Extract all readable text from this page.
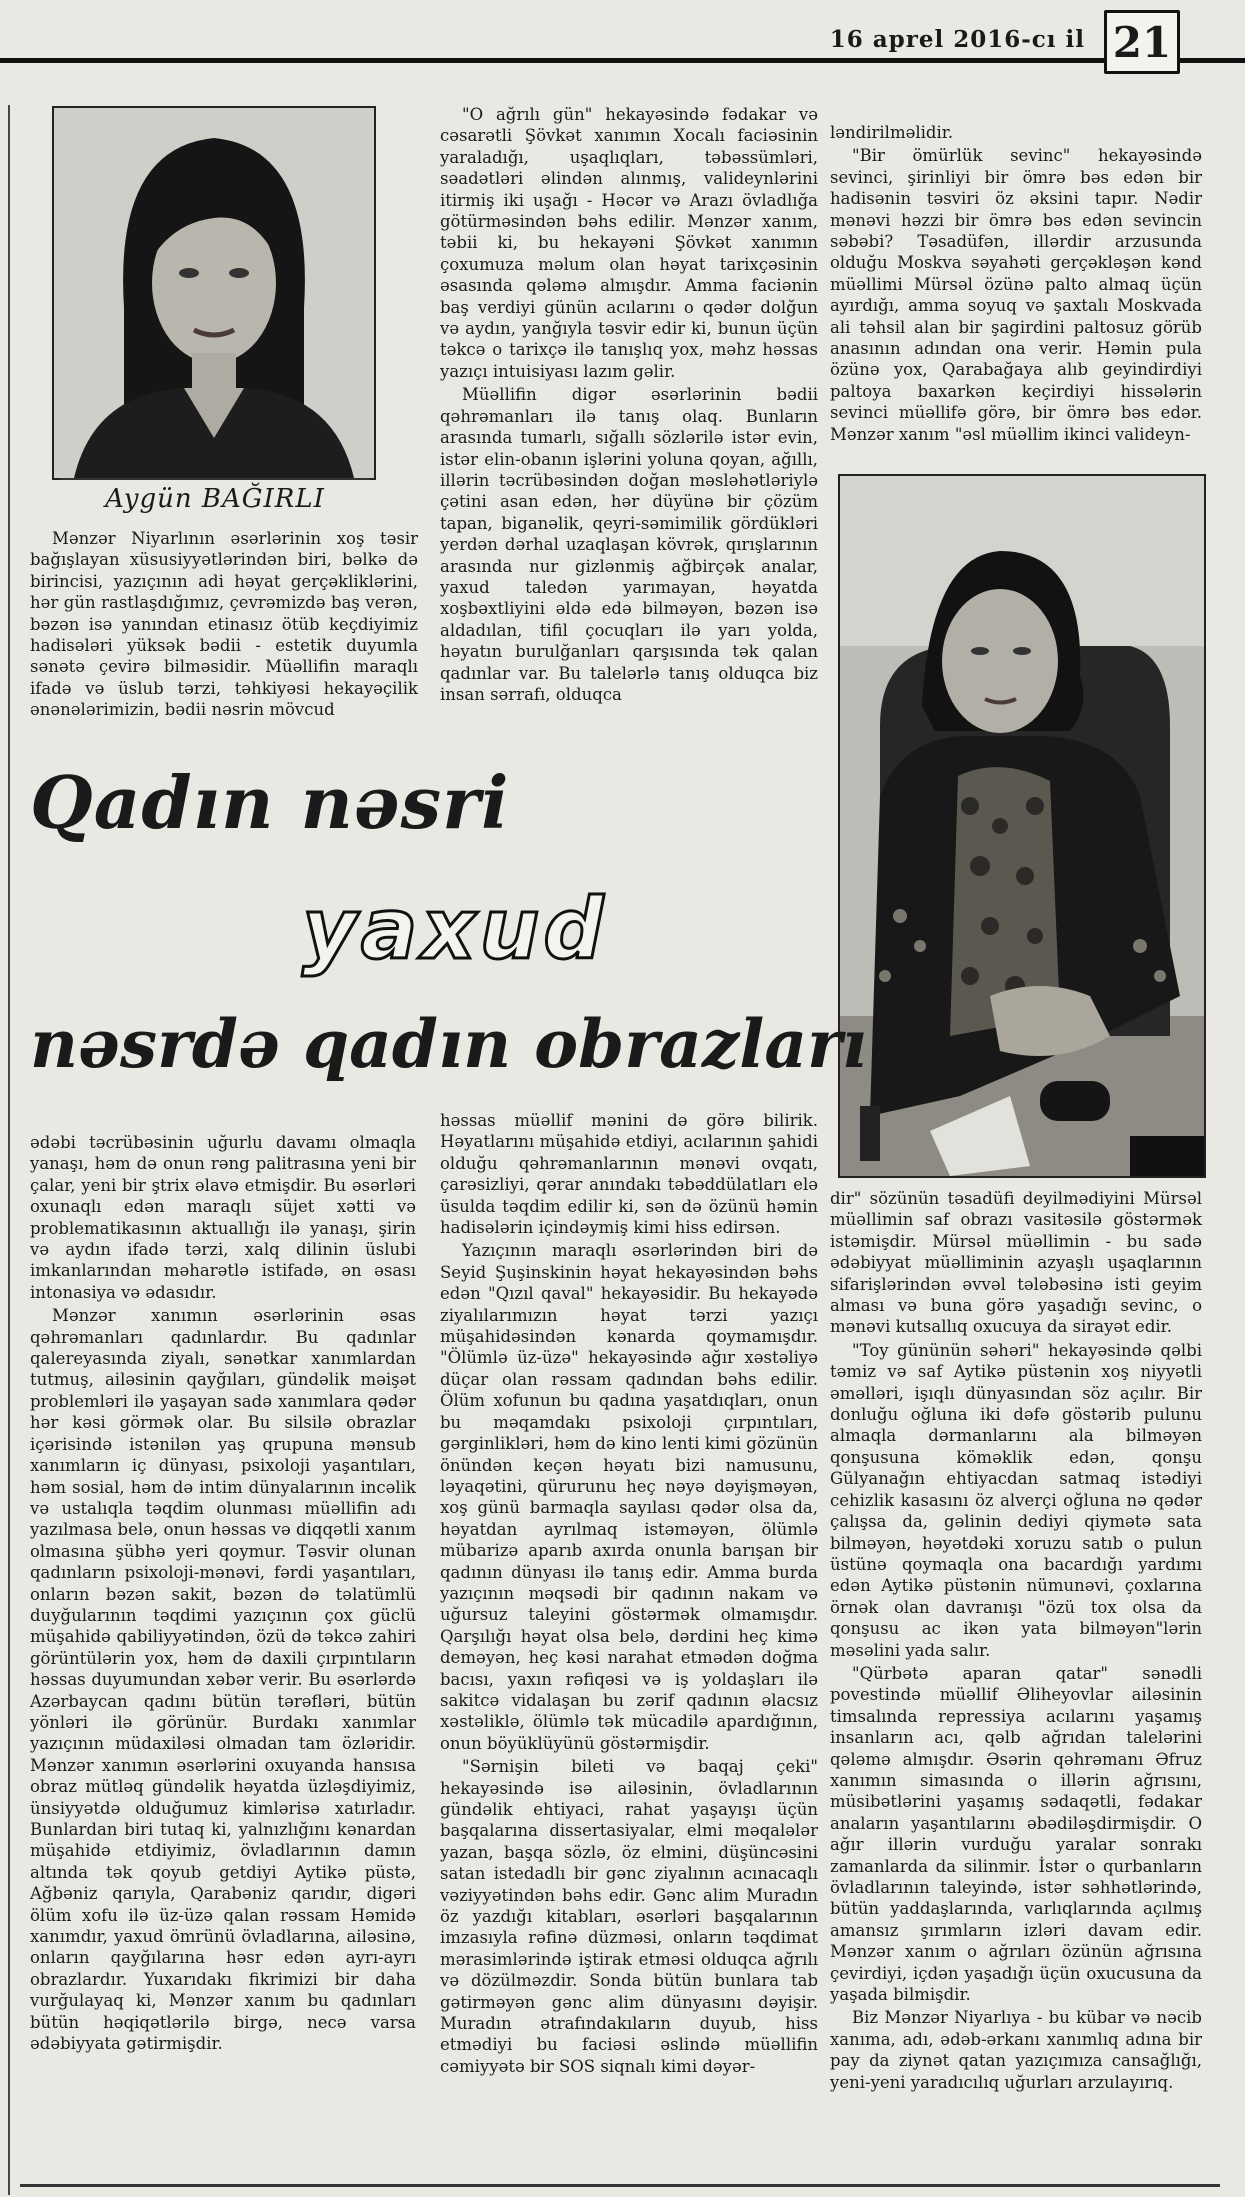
16 aprel 2016-cı il 21
Aygün BAĞIRLI

Mənzər Niyarlının əsərlərinin xoş təsir bağışlayan xüsusiyyətlərindən biri, bəlkə də birincisi, yazıçının adi həyat gerçəkliklərini, hər gün rastlaşdığımız, çevrəmizdə baş verən, bəzən isə yanından etinasız ötüb keçdiyimiz hadisələri yüksək bədii - estetik duyumla sənətə çevirə bilməsidir. Müəllifin maraqlı ifadə və üslub tərzi, təhkiyəsi hekayəçilik ənənələrimizin, bədii nəsrin mövcud

"O ağrılı gün" hekayəsində fədakar və cəsarətli Şövkət xanımın Xocalı faciəsinin yaraladığı, uşaqlıqları, təbəssümləri, səadətləri əlindən alınmış, valideynlərini itirmiş iki uşağı - Həcər və Arazı övladlığa götürməsindən bəhs edilir. Mənzər xanım, təbii ki, bu hekayəni Şövkət xanımın çoxumuza məlum olan həyat tarixçəsinin əsasında qələmə almışdır. Amma faciənin baş verdiyi günün acılarını o qədər dolğun və aydın, yanğıyla təsvir edir ki, bunun üçün təkcə o tarixçə ilə tanışlıq yox, məhz həssas yazıçı intuisiyası lazım gəlir.

Müəllifin digər əsərlərinin bədii qəhrəmanları ilə tanış olaq. Bunların arasında tumarlı, sığallı sözlərilə istər evin, istər elin-obanın işlərini yoluna qoyan, ağıllı, illərin təcrübəsindən doğan məsləhətləriylə çətini asan edən, hər düyünə bir çözüm tapan, biganəlik, qeyri-səmimilik gördükləri yerdən dərhal uzaqlaşan kövrək, qırışlarının arasında nur gizlənmiş ağbirçək analar, yaxud taledən yarımayan, həyatda xoşbəxtliyini əldə edə bilməyən, bəzən isə aldadılan, tifil çocuqları ilə yarı yolda, həyatın burulğanları qarşısında tək qalan qadınlar var. Bu talelərlə tanış olduqca biz insan sərrafı, olduqca

ləndirilməlidir.

"Bir ömürlük sevinc" hekayəsində sevinci, şirinliyi bir ömrə bəs edən bir hadisənin təsviri öz əksini tapır. Nədir mənəvi həzzi bir ömrə bəs edən sevincin səbəbi? Təsadüfən, illərdir arzusunda olduğu Moskva səyahəti gerçəkləşən kənd müəllimi Mürsəl özünə palto almaq üçün ayırdığı, amma soyuq və şaxtalı Moskvada ali təhsil alan bir şagirdini paltosuz görüb anasının adından ona verir. Həmin pula özünə yox, Qarabağaya alıb geyindirdiyi paltoya baxarkən keçirdiyi hissələrin sevinci müəllifə görə, bir ömrə bəs edər. Mənzər xanım "əsl müəllim ikinci valideyn-

Qadın nəsri
yaxud
nəsrdə qadın obrazları

ədəbi təcrübəsinin uğurlu davamı olmaqla yanaşı, həm də onun rəng palitrasına yeni bir çalar, yeni bir ştrix əlavə etmişdir. Bu əsərləri oxunaqlı edən maraqlı süjet xətti və problematikasının aktuallığı ilə yanaşı, şirin və aydın ifadə tərzi, xalq dilinin üslubi imkanlarından məharətlə istifadə, ən əsası intonasiya və ədasıdır.

Mənzər xanımın əsərlərinin əsas qəhrəmanları qadınlardır. Bu qadınlar qalereyasında ziyalı, sənətkar xanımlardan tutmuş, ailəsinin qayğıları, gündəlik məişət problemləri ilə yaşayan sadə xanımlara qədər hər kəsi görmək olar. Bu silsilə obrazlar içərisində istənilən yaş qrupuna mənsub xanımların iç dünyası, psixoloji yaşantıları, həm sosial, həm də intim dünyalarının incəlik və ustalıqla təqdim olunması müəllifin adı yazılmasa belə, onun həssas və diqqətli xanım olmasına şübhə yeri qoymur. Təsvir olunan qadınların psixoloji-mənəvi, fərdi yaşantıları, onların bəzən sakit, bəzən də təlatümlü duyğularının təqdimi yazıçının çox güclü müşahidə qabiliyyətindən, özü də təkcə zahiri görüntülərin yox, həm də daxili çırpıntıların həssas duyumundan xəbər verir. Bu əsərlərdə Azərbaycan qadını bütün tərəfləri, bütün yönləri ilə görünür. Burdakı xanımlar yazıçının müdaxiləsi olmadan tam özləridir. Mənzər xanımın əsərlərini oxuyanda hansısa obraz mütləq gündəlik həyatda üzləşdiyimiz, ünsiyyətdə olduğumuz kimlərisə xatırladır. Bunlardan biri tutaq ki, yalnızlığını kənardan müşahidə etdiyimiz, övladlarının damın altında tək qoyub getdiyi Aytikə püstə, Ağbəniz qarıyla, Qarabəniz qarıdır, digəri ölüm xofu ilə üz-üzə qalan rəssam Həmidə xanımdır, yaxud ömrünü övladlarına, ailəsinə, onların qayğılarına həsr edən ayrı-ayrı obrazlardır. Yuxarıdakı fikrimizi bir daha vurğulayaq ki, Mənzər xanım bu qadınları bütün həqiqətlərilə birgə, necə varsa ədəbiyyata gətirmişdir.

həssas müəllif mənini də görə bilirik. Həyatlarını müşahidə etdiyi, acılarının şahidi olduğu qəhrəmanlarının mənəvi ovqatı, çarəsizliyi, qərar anındakı təbəddülatları elə üsulda təqdim edilir ki, sən də özünü həmin hadisələrin içindəymiş kimi hiss edirsən.

Yazıçının maraqlı əsərlərindən biri də Seyid Şuşinskinin həyat hekayəsindən bəhs edən "Qızıl qaval" hekayəsidir. Bu hekayədə ziyalılarımızın həyat tərzi yazıçı müşahidəsindən kənarda qoymamışdır. "Ölümlə üz-üzə" hekayəsində ağır xəstəliyə düçar olan rəssam qadından bəhs edilir. Ölüm xofunun bu qadına yaşatdıqları, onun bu məqamdakı psixoloji çırpıntıları, gərginlikləri, həm də kino lenti kimi gözünün önündən keçən həyatı bizi namusunu, ləyaqətini, qürurunu heç nəyə dəyişməyən, xoş günü barmaqla sayılası qədər olsa da, həyatdan ayrılmaq istəməyən, ölümlə mübarizə aparıb axırda onunla barışan bir qadının dünyası ilə tanış edir. Amma burda yazıçının məqsədi bir qadının nakam və uğursuz taleyini göstərmək olmamışdır. Qarşılığı həyat olsa belə, dərdini heç kimə deməyən, heç kəsi narahat etmədən doğma bacısı, yaxın rəfiqəsi və iş yoldaşları ilə sakitcə vidalaşan bu zərif qadının əlacsız xəstəliklə, ölümlə tək mücadilə apardığının, onun böyüklüyünü göstərmişdir.

"Sərnişin bileti və baqaj çeki" hekayəsində isə ailəsinin, övladlarının gündəlik ehtiyaci, rahat yaşayışı üçün başqalarına dissertasiyalar, elmi məqalələr yazan, başqa sözlə, öz elmini, düşüncəsini satan istedadlı bir gənc ziyalının acınacaqlı vəziyyətindən bəhs edir. Gənc alim Muradın öz yazdığı kitabları, əsərləri başqalarının imzasıyla rəfinə düzməsi, onların təqdimat mərasimlərində iştirak etməsi olduqca ağrılı və dözülməzdir. Sonda bütün bunlara tab gətirməyən gənc alim dünyasını dəyişir. Muradın ətrafındakıların duyub, hiss etmədiyi bu faciəsi əslində müəllifin cəmiyyətə bir SOS siqnalı kimi dəyər-

dir" sözünün təsadüfi deyilmədiyini Mürsəl müəllimin saf obrazı vasitəsilə göstərmək istəmişdir. Mürsəl müəllimin - bu sadə ədəbiyyat müəlliminin azyaşlı uşaqlarının sifarişlərindən əvvəl tələbəsinə isti geyim alması və buna görə yaşadığı sevinc, o mənəvi kutsallıq oxucuya da sirayət edir.

"Toy gününün səhəri" hekayəsində qəlbi təmiz və saf Aytikə püstənin xoş niyyətli əməlləri, işıqlı dünyasından söz açılır. Bir donluğu oğluna iki dəfə göstərib pulunu almaqla dərmanlarını ala bilməyən qonşusuna köməklik edən, qonşu Gülyanağın ehtiyacdan satmaq istədiyi cehizlik kasasını öz alverçi oğluna nə qədər çalışsa da, gəlinin dediyi qiymətə sata bilməyən, həyətdəki xoruzu satıb o pulun üstünə qoymaqla ona bacardığı yardımı edən Aytikə püstənin nümunəvi, çoxlarına örnək olan davranışı "özü tox olsa da qonşusu ac ikən yata bilməyən"lərin məsəlini yada salır.

"Qürbətə aparan qatar" sənədli povestində müəllif Əliheyovlar ailəsinin timsalında repressiya acılarını yaşamış insanların acı, qəlb ağrıdan talelərini qələmə almışdır. Əsərin qəhrəmanı Əfruz xanımın simasında o illərin ağrısını, müsibətlərini yaşamış sədaqətli, fədakar anaların yaşantılarını əbədiləşdirmişdir. O ağır illərin vurduğu yaralar sonrakı zamanlarda da silinmir. İstər o qurbanların övladlarının taleyində, istər səhhətlərində, bütün yaddaşlarında, varlıqlarında açılmış amansız şırımların izləri davam edir. Mənzər xanım o ağrıları özünün ağrısına çevirdiyi, içdən yaşadığı üçün oxucusuna da yaşada bilmişdir.

Biz Mənzər Niyarlıya - bu kübar və nəcib xanıma, adı, ədəb-ərkanı xanımlıq adına bir pay da ziynət qatan yazıçımıza cansağlığı, yeni-yeni yaradıcılıq uğurları arzulayırıq.
